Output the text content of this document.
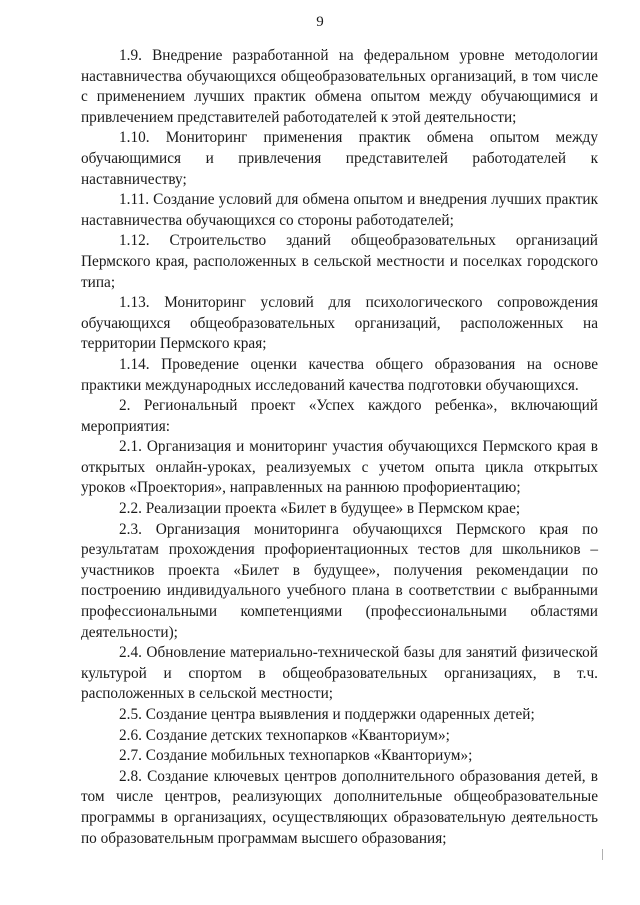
9

1.9. Внедрение разработанной на федеральном уровне методологии наставничества обучающихся общеобразовательных организаций, в том числе с применением лучших практик обмена опытом между обучающимися и привлечением представителей работодателей к этой деятельности;

1.10. Мониторинг применения практик обмена опытом между обучающимися и привлечения представителей работодателей к наставничеству;

1.11. Создание условий для обмена опытом и внедрения лучших практик наставничества обучающихся со стороны работодателей;

1.12. Строительство зданий общеобразовательных организаций Пермского края, расположенных в сельской местности и поселках городского типа;

1.13. Мониторинг условий для психологического сопровождения обучающихся общеобразовательных организаций, расположенных на территории Пермского края;

1.14. Проведение оценки качества общего образования на основе практики международных исследований качества подготовки обучающихся.

2. Региональный проект «Успех каждого ребенка», включающий мероприятия:

2.1. Организация и мониторинг участия обучающихся Пермского края в открытых онлайн-уроках, реализуемых с учетом опыта цикла открытых уроков «Проектория», направленных на раннюю профориентацию;

2.2. Реализации проекта «Билет в будущее» в Пермском крае;

2.3. Организация мониторинга обучающихся Пермского края по результатам прохождения профориентационных тестов для школьников – участников проекта «Билет в будущее», получения рекомендации по построению индивидуального учебного плана в соответствии с выбранными профессиональными компетенциями (профессиональными областями деятельности);

2.4. Обновление материально-технической базы для занятий физической культурой и спортом в общеобразовательных организациях, в т.ч. расположенных в сельской местности;

2.5. Создание центра выявления и поддержки одаренных детей;

2.6. Создание детских технопарков «Кванториум»;

2.7. Создание мобильных технопарков «Кванториум»;

2.8. Создание ключевых центров дополнительного образования детей, в том числе центров, реализующих дополнительные общеобразовательные программы в организациях, осуществляющих образовательную деятельность по образовательным программам высшего образования;
